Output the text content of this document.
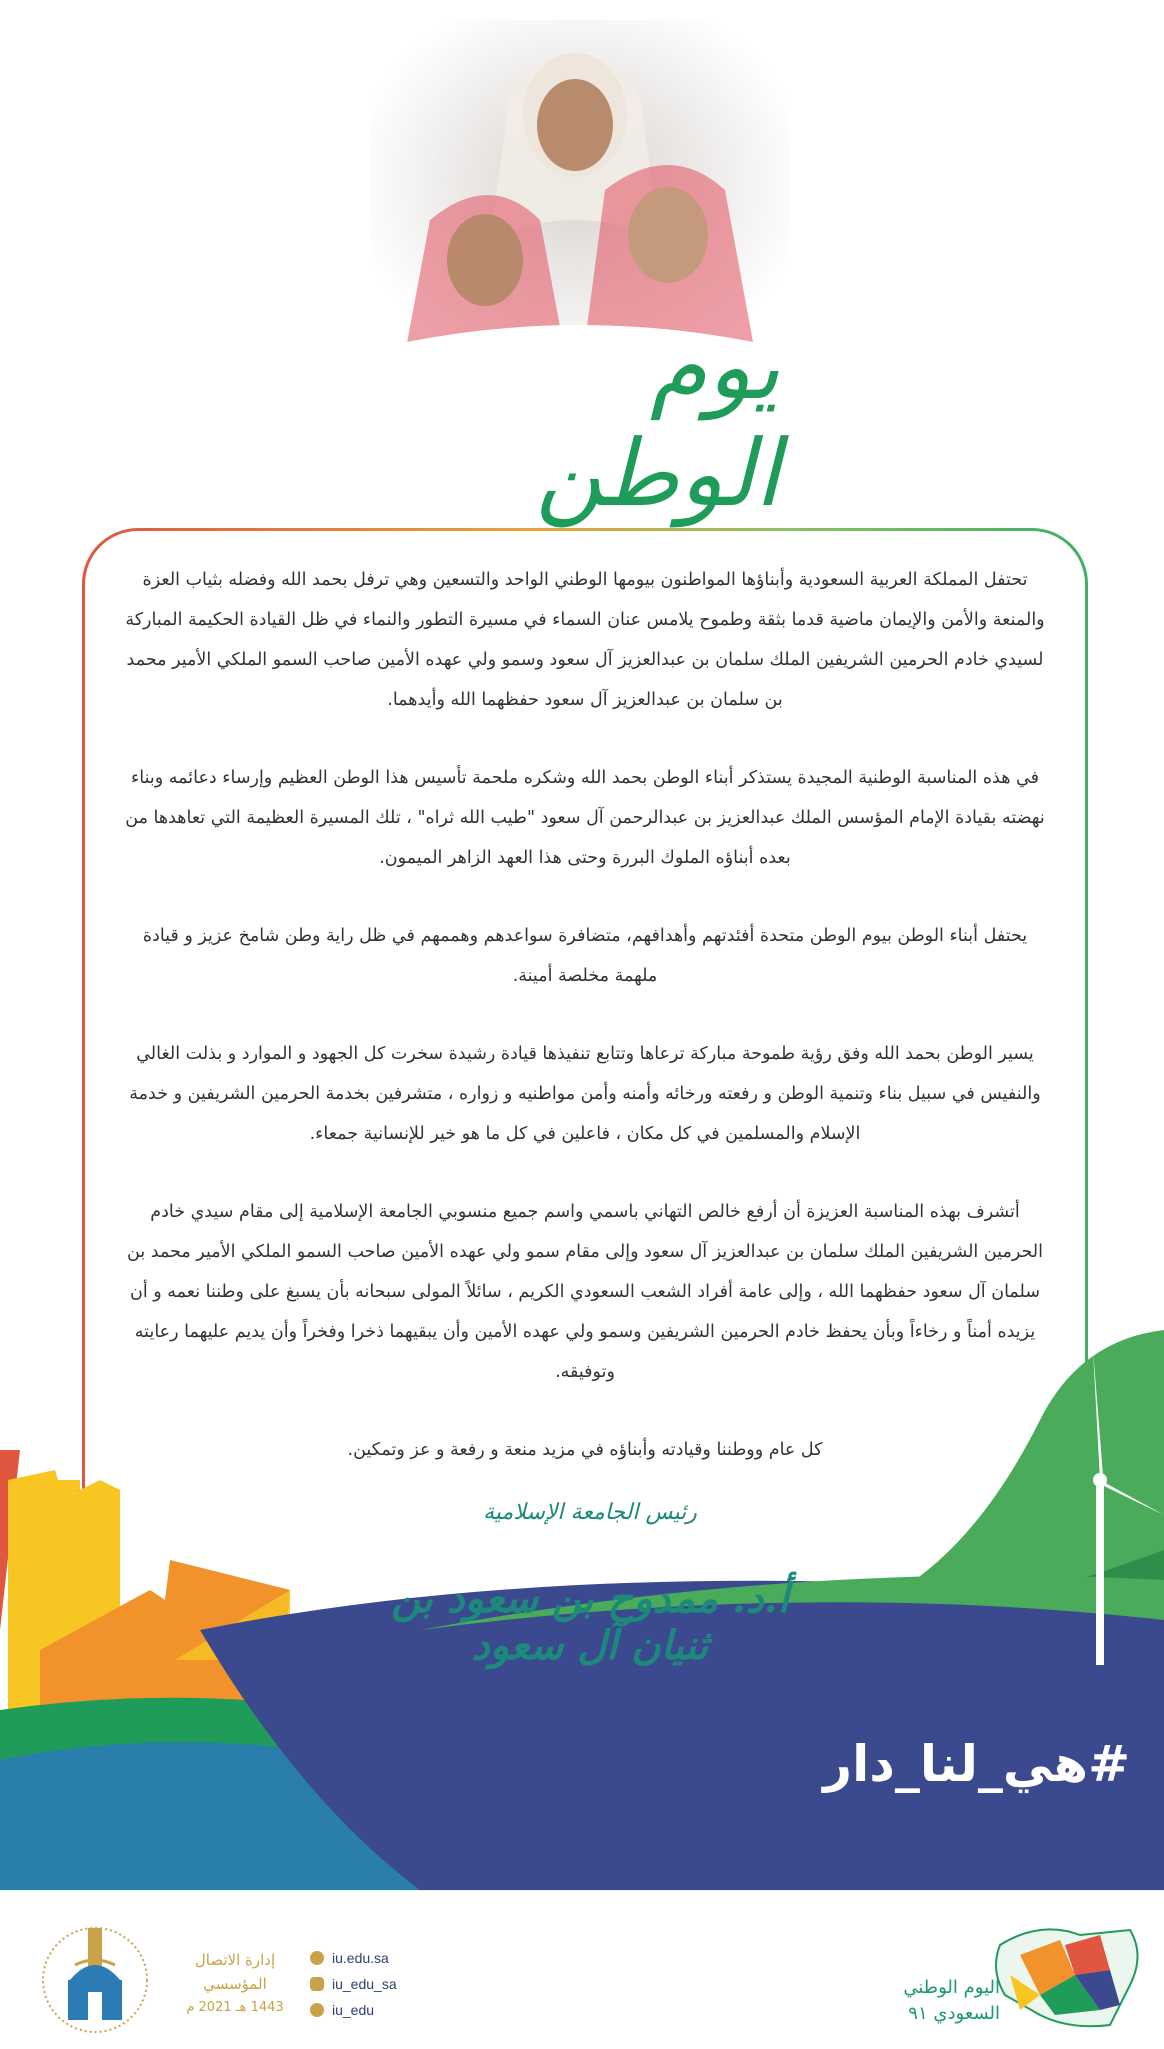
يوم الوطن

تحتفل المملكة العربية السعودية وأبناؤها المواطنون بيومها الوطني الواحد والتسعين وهي ترفل بحمد الله وفضله بثياب العزة والمنعة والأمن والإيمان ماضية قدما بثقة وطموح يلامس عنان السماء في مسيرة التطور والنماء في ظل القيادة الحكيمة المباركة لسيدي خادم الحرمين الشريفين الملك سلمان بن عبدالعزيز آل سعود وسمو ولي عهده الأمين صاحب السمو الملكي الأمير محمد بن سلمان بن عبدالعزيز آل سعود حفظهما الله وأيدهما.

في هذه المناسبة الوطنية المجيدة يستذكر أبناء الوطن بحمد الله وشكره ملحمة تأسيس هذا الوطن العظيم وإرساء دعائمه وبناء نهضته بقيادة الإمام المؤسس الملك عبدالعزيز بن عبدالرحمن آل سعود "طيب الله ثراه" ، تلك المسيرة العظيمة التي تعاهدها من بعده أبناؤه الملوك البررة وحتى هذا العهد الزاهر الميمون.

يحتفل أبناء الوطن بيوم الوطن متحدة أفئدتهم وأهدافهم، متضافرة سواعدهم وهممهم في ظل راية وطن شامخ عزيز و قيادة ملهمة مخلصة أمينة.

يسير الوطن بحمد الله وفق رؤية طموحة مباركة ترعاها وتتابع تنفيذها قيادة رشيدة سخرت كل الجهود و الموارد و بذلت الغالي والنفيس في سبيل بناء وتنمية الوطن و رفعته ورخائه وأمنه وأمن مواطنيه و زواره ، متشرفين بخدمة الحرمين الشريفين و خدمة الإسلام والمسلمين في كل مكان ، فاعلين في كل ما هو خير للإنسانية جمعاء.

أتشرف بهذه المناسبة العزيزة أن أرفع خالص التهاني باسمي واسم جميع منسوبي الجامعة الإسلامية إلى مقام سيدي خادم الحرمين الشريفين الملك سلمان بن عبدالعزيز آل سعود وإلى مقام سمو ولي عهده الأمين صاحب السمو الملكي الأمير محمد بن سلمان آل سعود حفظهما الله ، وإلى عامة أفراد الشعب السعودي الكريم ، سائلاً المولى سبحانه بأن يسبغ على وطننا نعمه و أن يزيده أمناً و رخاءاً وبأن يحفظ خادم الحرمين الشريفين وسمو ولي عهده الأمين وأن يبقيهما ذخرا وفخراً وأن يديم عليهما رعايته وتوفيقه.

كل عام ووطننا وقيادته وأبناؤه في مزيد منعة و رفعة و عز وتمكين.

رئيس الجامعة الإسلامية
أ.د. ممدوح بن سعود بن ثنيان آل سعود
#هي_لنا_دار
إدارة الاتصال
المؤسسي
1443 هـ 2021 م
iu.edu.sa
iu_edu_sa
iu_edu
اليوم الوطني
السعودي ٩١
